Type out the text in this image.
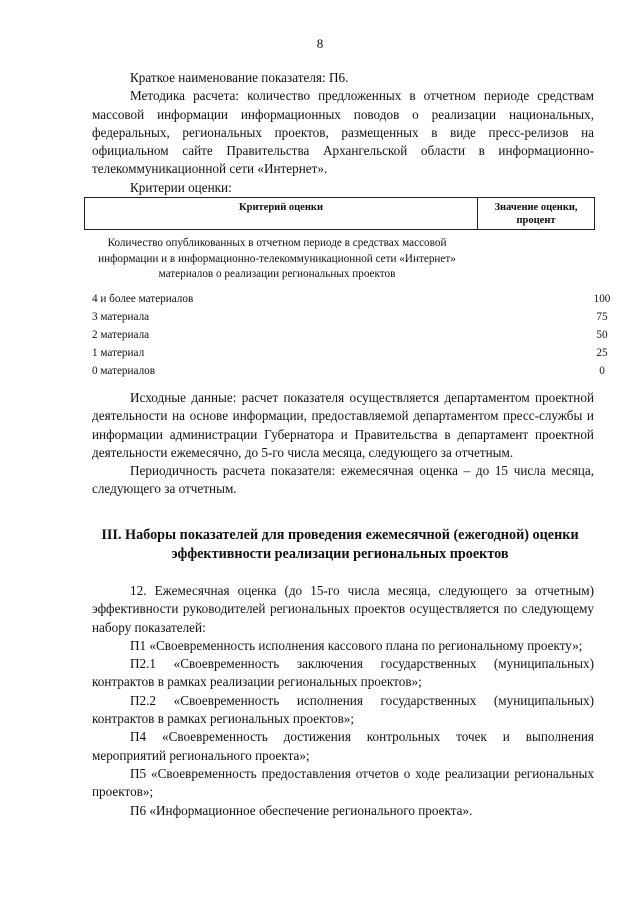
8

Краткое наименование показателя: П6.

Методика расчета: количество предложенных в отчетном периоде средствам массовой информации информационных поводов о реализации национальных, федеральных, региональных проектов, размещенных в виде пресс-релизов на официальном сайте Правительства Архангельской области в информационно-телекоммуникационной сети «Интернет».

Критерии оценки:

Критерий оценки	Значение оценки, процент
Количество опубликованных в отчетном периоде в средствах массовой информации и в информационно-телекоммуникационной сети «Интернет» материалов о реализации региональных проектов
4 и более материалов	100
3 материала	75
2 материала	50
1 материал	25
0 материалов	0

Исходные данные: расчет показателя осуществляется департаментом проектной деятельности на основе информации, предоставляемой департаментом пресс-службы и информации администрации Губернатора и Правительства в департамент проектной деятельности ежемесячно, до 5-го числа месяца, следующего за отчетным.

Периодичность расчета показателя: ежемесячная оценка – до 15 числа месяца, следующего за отчетным.

III. Наборы показателей для проведения ежемесячной (ежегодной) оценки эффективности реализации региональных проектов

12. Ежемесячная оценка (до 15-го числа месяца, следующего за отчетным) эффективности руководителей региональных проектов осуществляется по следующему набору показателей:

П1 «Своевременность исполнения кассового плана по региональному проекту»;

П2.1 «Своевременность заключения государственных (муниципальных) контрактов в рамках реализации региональных проектов»;

П2.2 «Своевременность исполнения государственных (муниципальных) контрактов в рамках региональных проектов»;

П4 «Своевременность достижения контрольных точек и выполнения мероприятий регионального проекта»;

П5 «Своевременность предоставления отчетов о ходе реализации региональных проектов»;

П6 «Информационное обеспечение регионального проекта».
